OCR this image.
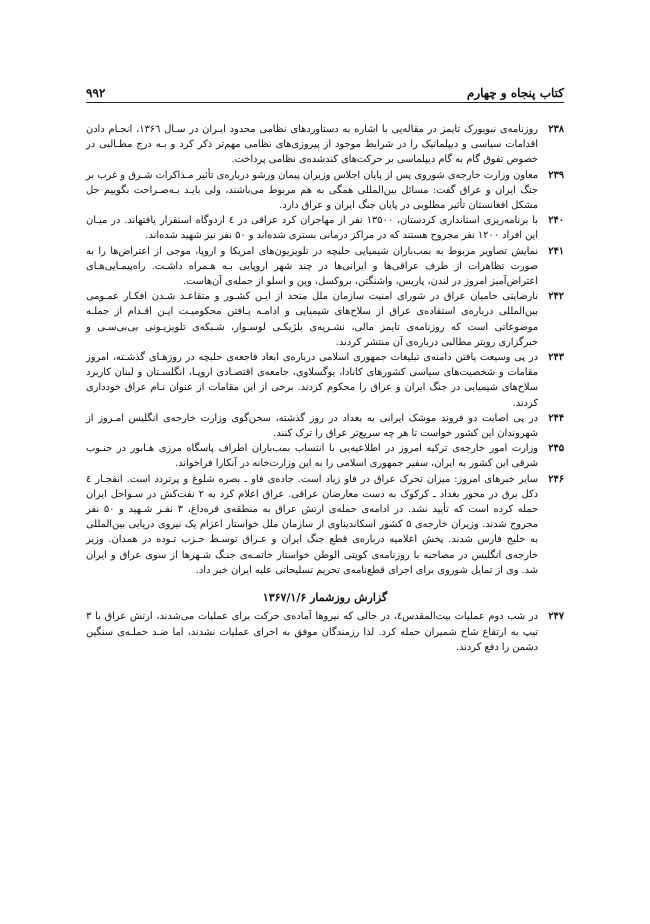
۹۹۲	کتاب پنجاه و چهارم
۲۳۸
روزنامه‌ی نیویورک تایمز در مقاله‌یی با اشاره به دستاوردهای نظامی محدود ایـران در سـال ۱۳۶٦، انجـام دادن اقدامات سیاسی و دیپلماتیک را در شرایط موجود از پیروزی‌های نظامی مهم‌تر ذکر کرد و بـه درج مطـالبی در خصوص تفوق گام به گام دیپلماسی بر حرکت‌های کندشده‌ی نظامی پرداخت.
۲۳۹
معاون وزارت خارجه‌ی شوروی پس از پایان اجلاس وزیران پیمان ورشو درباره‌ی تأثیر مـذاکرات شـرق و غرب بر جنگ ایران و عراق گفت: مسائل بین‌المللی همگی به هم مربوط می‌باشند، ولی بایـد بـه‌صـراحت بگوییم حل مشکل افغانستان تأثیر مطلوبی در پایان جنگ ایران و عراق دارد.
۲۴۰
با برنامه‌ریزی استانداری کردستان، ۱۳۵۰۰ نفر از مهاجران کرد عراقی در ٤ اردوگاه استقرار یافتهاند. در میـان این افراد ۱۲۰۰ نفر مجروح هستند که در مراکز درمانی بستری شده‌اند و ۵۰ نفر نیز شهید شده‌اند.
۲۴۱
نمایش تصاویر مربوط به بمب‌باران شیمیایی حلبچه در تلویزیون‌های امریکا و اروپا، موجی از اعتراض‌ها را به صورت تظاهرات از طرف عراقی‌ها و ایرانی‌ها در چند شهر اروپایی بـه هـمراه داشـت. راه‌پیمـایی‌هـای اعتراض‌آمیز امروز در لندن، پاریس، واشنگتن، بروکسل، وین و اسلو از جمله‌ی آن‌هاست.
۲۴۲
نارضایتی حامیان عراق در شورای امنیت سازمان ملل متحد از ایـن کشـور و متقاعـد شـدن افکـار عمـومی بین‌المللی درباره‌ی استفاده‌ی عراق از سلاح‌های شیمیایی و ادامـه یـافتن محکومیـت ایـن اقـدام از جملـه موضوعاتی است که روزنامه‌ی تایمز مالی، نشـریه‌ی بلژیکـی لوسـوار، شـبکه‌ی تلویزیـونی بی‌بی‌سـی و خبرگزاری رویتر مطالبی درباره‌ی آن منتشر کردند.
۲۴۳
در پی وسیعت یافتن دامنه‌ی تبلیغات جمهوری اسلامی درباره‌ی ابعاد فاجعه‌ی حلبچه در روزهـای گذشـته، امروز مقامات و شخصیت‌های سیاسی کشورهای کانادا، یوگسلاوی، جامعه‌ی اقتصـادی اروپـا، انگلسـتان و لبنان کاربرد سلاح‌های شیمیایی در جنگ ایران و عراق را محکوم کردند. برخی از این مقامات از عنوان نـام عراق خودداری کردند.
۲۴۴
در پی اصابت دو فروند موشک ایرانی به بغداد در روز گذشته، سخن‌گوی وزارت خارجه‌ی انگلیس امـروز از شهروندان این کشور خواست تا هر چه سریع‌تر عراق را ترک کنند.
۲۴۵
وزارت امور خارجه‌ی ترکیه امروز در اطلاعیه‌یی با انتساب بمب‌باران اطراف پاسگاه مرزی هـابور در جنـوب شرقی این کشور به ایران، سفیر جمهوری اسلامی را به این وزارت‌خانه در آنکارا فراخواند.
۲۴۶
سایر خبرهای امروز: میزان تحرک عراق در فاو زیاد است. جاده‌ی فاو ـ بصره شلوغ و پرتردد است. انفجـار ٤ دکل برق در محور بغداد ـ کرکوک به دست معارضان عراقی. عراق اعلام کرد به ۲ نفت‌کش در سـواحل ایران حمله کرده است که تأیید نشد. در ادامه‌ی حمله‌ی ارتش عراق به منطقه‌ی قره‌داغ، ۳ نفـر شـهید و ۵۰ نفر مجروح شدند. وزیران خارجه‌ی ۵ کشور اسکاندیناوی از سازمان ملل خواستار اعزام یک نیروی دریایی بین‌المللی به خلیج فارس شدند. پخش اعلامیه درباره‌ی قطع جنگ ایران و عـراق توسـط حـزب تـوده در همدان. وزیر خارجه‌ی انگلیس در مصاحبه با روزنامه‌ی کویتی الوطن خواستار خاتمـه‌ی جنـگ شـهرها از سوی عراق و ایران شد. وی از تمایل شوروی برای اجرای قطع‌نامه‌ی تحریم تسلیحاتی علیه ایران خبر داد.
گزارش روزشمار ۱۳۶۷/۱/۶
۲۴۷
در شب دوم عملیات بیت‌المقدس٤، در حالی که نیروها آماده‌ی حرکت برای عملیات می‌شدند، ارتش عراق با ۳ تیپ به ارتفاع شاخ شمیران حمله کرد. لذا رزمندگان موفق به اجرای عملیات نشدند، اما ضـد حملـه‌ی سنگین دشمن را دفع کردند.
